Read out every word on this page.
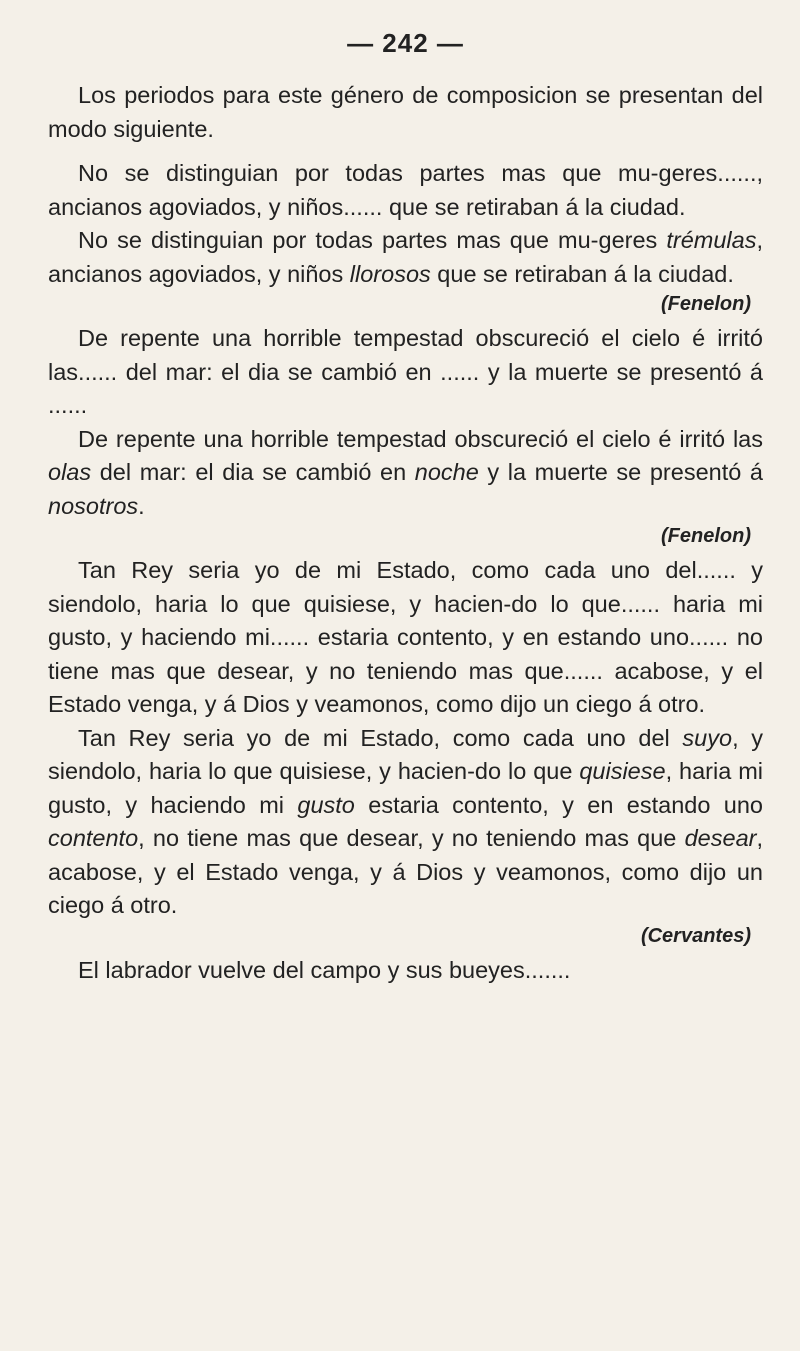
— 242 —

Los periodos para este género de composicion se presentan del modo siguiente.

No se distinguian por todas partes mas que mu-geres......, ancianos agoviados, y niños...... que se retiraban á la ciudad.

No se distinguian por todas partes mas que mu-geres trémulas, ancianos agoviados, y niños llorosos que se retiraban á la ciudad.

(Fenelon)

De repente una horrible tempestad obscureció el cielo é irritó las...... del mar: el dia se cambió en ...... y la muerte se presentó á ......

De repente una horrible tempestad obscureció el cielo é irritó las olas del mar: el dia se cambió en noche y la muerte se presentó á nosotros.

(Fenelon)

Tan Rey seria yo de mi Estado, como cada uno del...... y siendolo, haria lo que quisiese, y hacien-do lo que...... haria mi gusto, y haciendo mi...... estaria contento, y en estando uno...... no tiene mas que desear, y no teniendo mas que...... acabose, y el Estado venga, y á Dios y veamonos, como dijo un ciego á otro.

Tan Rey seria yo de mi Estado, como cada uno del suyo, y siendolo, haria lo que quisiese, y hacien-do lo que quisiese, haria mi gusto, y haciendo mi gusto estaria contento, y en estando uno contento, no tiene mas que desear, y no teniendo mas que desear, acabose, y el Estado venga, y á Dios y veamonos, como dijo un ciego á otro.

(Cervantes)

El labrador vuelve del campo y sus bueyes.......
